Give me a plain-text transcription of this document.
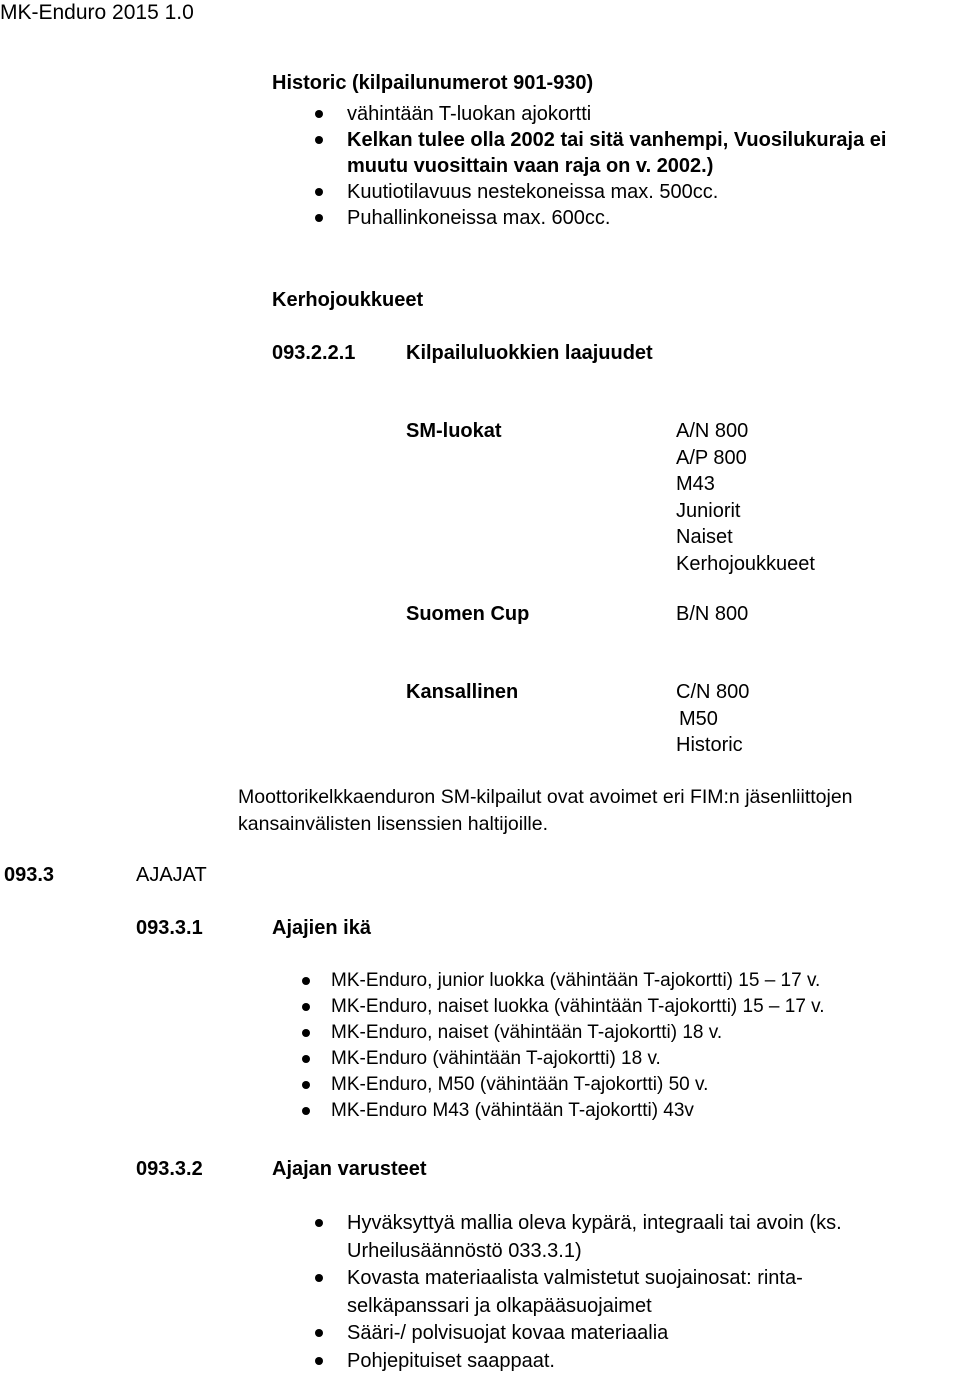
MK-Enduro 2015 1.0
Historic (kilpailunumerot 901-930)
vähintään T-luokan ajokortti
Kelkan tulee olla 2002 tai sitä vanhempi, Vuosilukuraja ei
muutu vuosittain vaan raja on v. 2002.)
Kuutiotilavuus nestekoneissa max. 500cc.
Puhallinkoneissa max. 600cc.
Kerhojoukkueet
093.2.2.1	Kilpailuluokkien laajuudet
SM-luokat	A/N 800
A/P 800
M43
Juniorit
Naiset
Kerhojoukkueet
Suomen Cup	B/N 800
Kansallinen	C/N 800
M50
Historic
Moottorikelkkaenduron SM-kilpailut ovat avoimet eri FIM:n jäsenliittojen
kansainvälisten lisenssien haltijoille.
093.3	AJAJAT
093.3.1	Ajajien ikä
MK-Enduro, junior luokka (vähintään T-ajokortti) 15 – 17 v.
MK-Enduro, naiset luokka (vähintään T-ajokortti) 15 – 17 v.
MK-Enduro, naiset (vähintään T-ajokortti) 18 v.
MK-Enduro (vähintään T-ajokortti) 18 v.
MK-Enduro, M50 (vähintään T-ajokortti) 50 v.
MK-Enduro M43 (vähintään T-ajokortti) 43v
093.3.2	Ajajan varusteet
Hyväksyttyä mallia oleva kypärä, integraali tai avoin (ks.
Urheilusäännöstö 033.3.1)
Kovasta materiaalista valmistetut suojainosat: rinta-
selkäpanssari ja olkapääsuojaimet
Sääri-/ polvisuojat kovaa materiaalia
Pohjepituiset saappaat.
